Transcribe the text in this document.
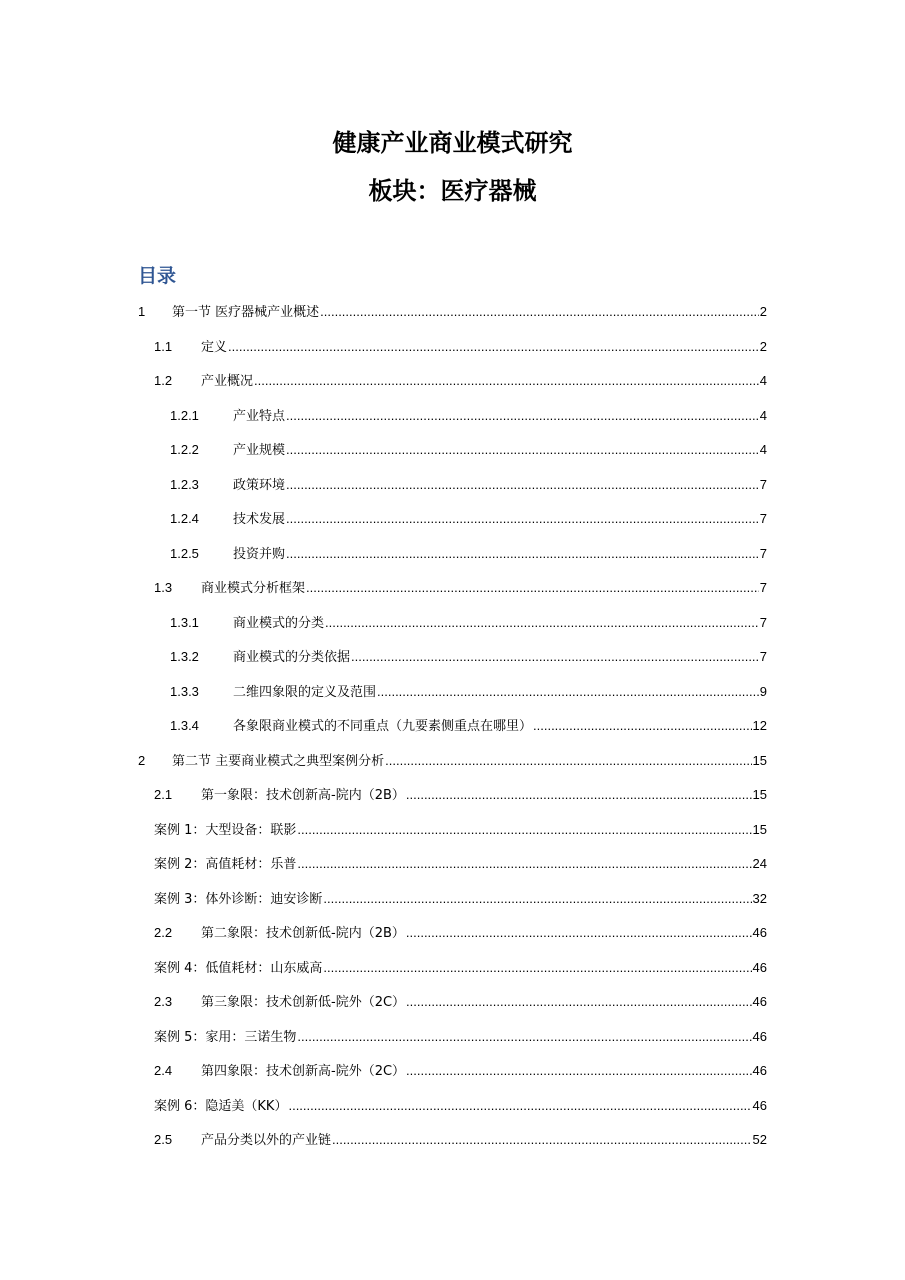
健康产业商业模式研究
板块：医疗器械
目录
1	第一节 医疗器械产业概述 .....	2
1.1	定义 .....	2
1.2	产业概况 .....	4
1.2.1	产业特点 .....	4
1.2.2	产业规模 .....	4
1.2.3	政策环境 .....	7
1.2.4	技术发展 .....	7
1.2.5	投资并购 .....	7
1.3	商业模式分析框架 .....	7
1.3.1	商业模式的分类 .....	7
1.3.2	商业模式的分类依据 .....	7
1.3.3	二维四象限的定义及范围 .....	9
1.3.4	各象限商业模式的不同重点（九要素侧重点在哪里） .....	12
2	第二节 主要商业模式之典型案例分析 .....	15
2.1	第一象限：技术创新高-院内（2B） .....	15
案例 1：大型设备：联影 .....	15
案例 2：高值耗材：乐普 .....	24
案例 3：体外诊断：迪安诊断 .....	32
2.2	第二象限：技术创新低-院内（2B） .....	46
案例 4：低值耗材：山东威高 .....	46
2.3	第三象限：技术创新低-院外（2C） .....	46
案例 5：家用：三诺生物 .....	46
2.4	第四象限：技术创新高-院外（2C） .....	46
案例 6：隐适美（KK） .....	46
2.5	产品分类以外的产业链 .....	52
